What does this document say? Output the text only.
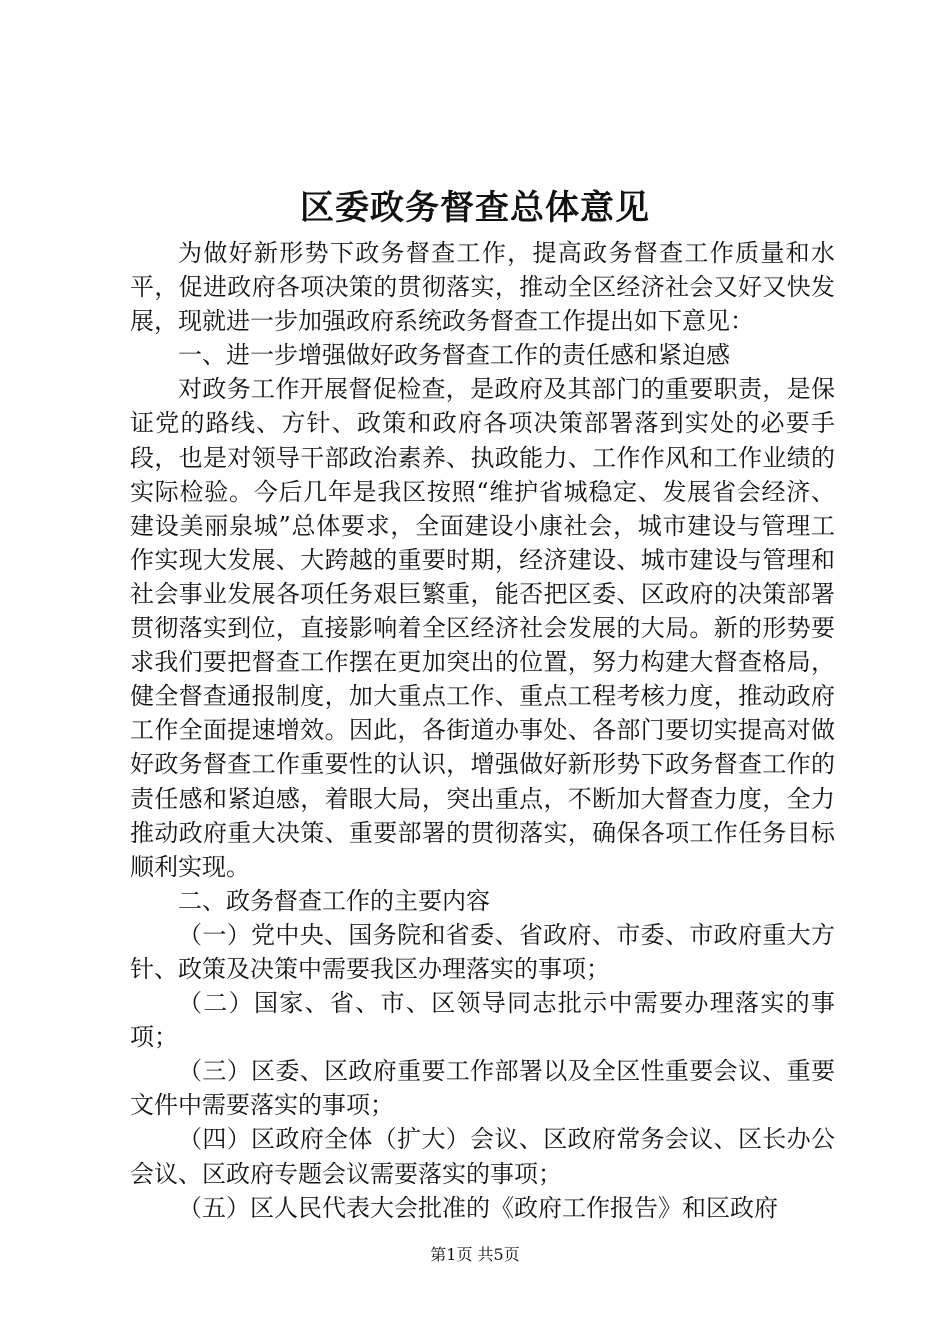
区委政务督查总体意见

为做好新形势下政务督查工作，提高政务督查工作质量和水平，促进政府各项决策的贯彻落实，推动全区经济社会又好又快发展，现就进一步加强政府系统政务督查工作提出如下意见：

一、进一步增强做好政务督查工作的责任感和紧迫感

对政务工作开展督促检查，是政府及其部门的重要职责，是保证党的路线、方针、政策和政府各项决策部署落到实处的必要手段，也是对领导干部政治素养、执政能力、工作作风和工作业绩的实际检验。今后几年是我区按照“维护省城稳定、发展省会经济、建设美丽泉城”总体要求，全面建设小康社会，城市建设与管理工作实现大发展、大跨越的重要时期，经济建设、城市建设与管理和社会事业发展各项任务艰巨繁重，能否把区委、区政府的决策部署贯彻落实到位，直接影响着全区经济社会发展的大局。新的形势要求我们要把督查工作摆在更加突出的位置，努力构建大督查格局，健全督查通报制度，加大重点工作、重点工程考核力度，推动政府工作全面提速增效。因此，各街道办事处、各部门要切实提高对做好政务督查工作重要性的认识，增强做好新形势下政务督查工作的责任感和紧迫感，着眼大局，突出重点，不断加大督查力度，全力推动政府重大决策、重要部署的贯彻落实，确保各项工作任务目标顺利实现。

二、政务督查工作的主要内容

（一）党中央、国务院和省委、省政府、市委、市政府重大方针、政策及决策中需要我区办理落实的事项；

（二）国家、省、市、区领导同志批示中需要办理落实的事项；

（三）区委、区政府重要工作部署以及全区性重要会议、重要文件中需要落实的事项；

（四）区政府全体（扩大）会议、区政府常务会议、区长办公会议、区政府专题会议需要落实的事项；

（五）区人民代表大会批准的《政府工作报告》和区政府

第1页 共5页
